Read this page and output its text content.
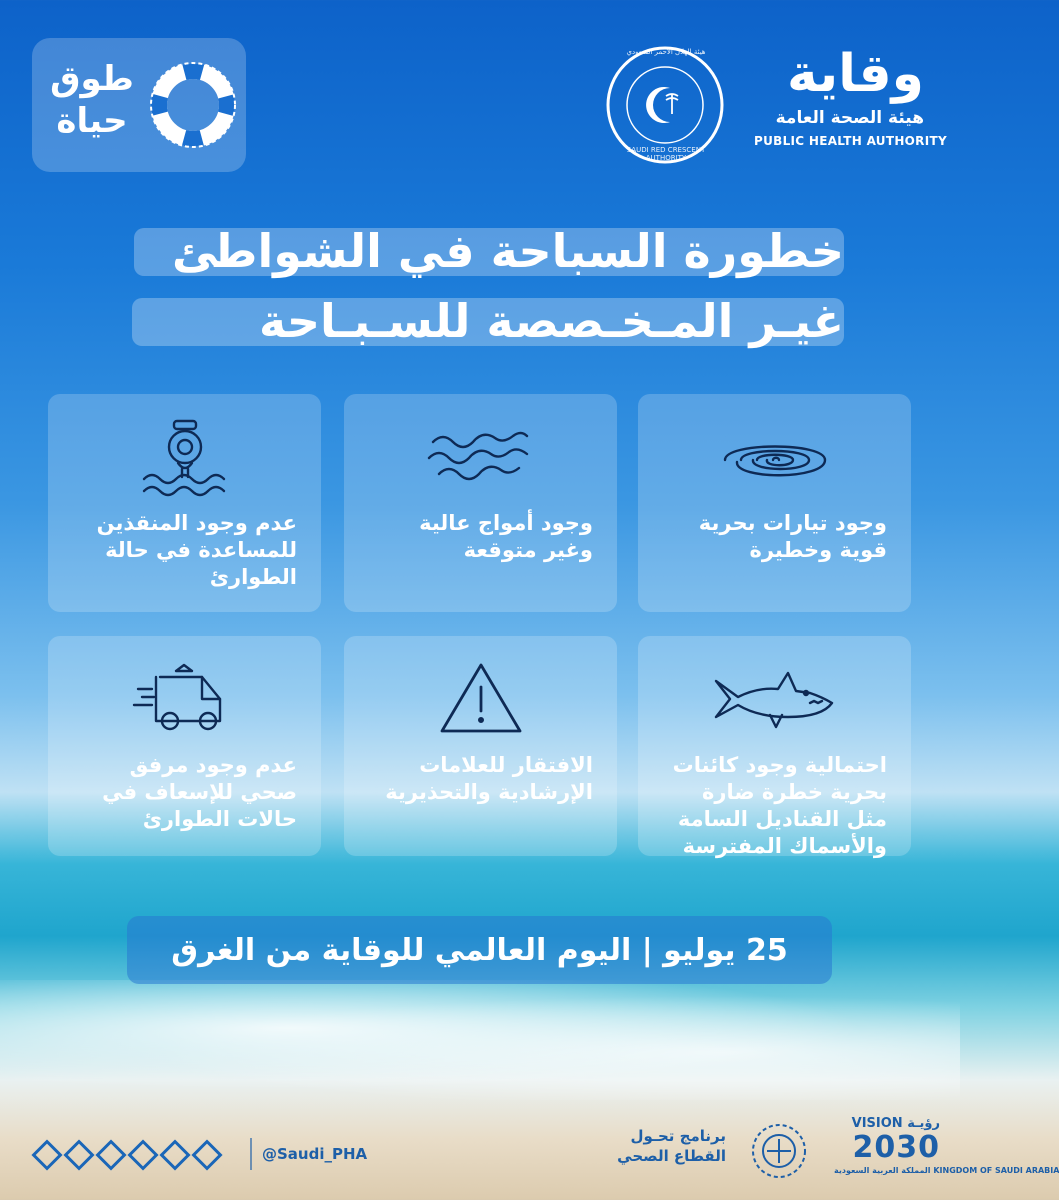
طوق
حياة
SAUDI RED CRESCENT AUTHORITY
هيئة الهلال الأحمر السعودي	وقاية
هيئة الصحة العامة
PUBLIC HEALTH AUTHORITY
خطورة السباحة في الشواطئ
غيـر المـخـصصة للسـبـاحة
وجود تيارات بحرية قوية وخطيرة
وجود أمواج عالية وغير متوقعة
عدم وجود المنقذين للمساعدة في حالة الطوارئ
احتمالية وجود كائنات بحرية خطرة ضارة مثل القناديل السامة والأسماك المفترسة
الافتقار للعلامات الإرشادية والتحذيرية
عدم وجود مرفق صحي للإسعاف في حالات الطوارئ
25 يوليو | اليوم العالمي للوقاية من الغرق
@Saudi_PHA
برنامج تحـول
القطاع الصحي
VISION رؤيـة
2030
المملكة العربية السعودية KINGDOM OF SAUDI ARABIA
